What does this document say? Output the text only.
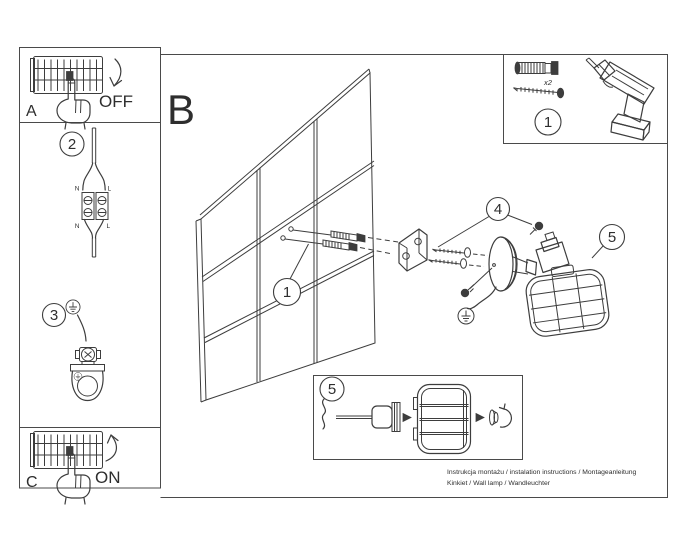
B
A
OFF
C	ON
2
N	L
N	L
3
1
4
5
x2
1
5
Instrukcja montażu / instalation instructions / Montageanleitung
Kinkiet / Wall lamp / Wandleuchter
